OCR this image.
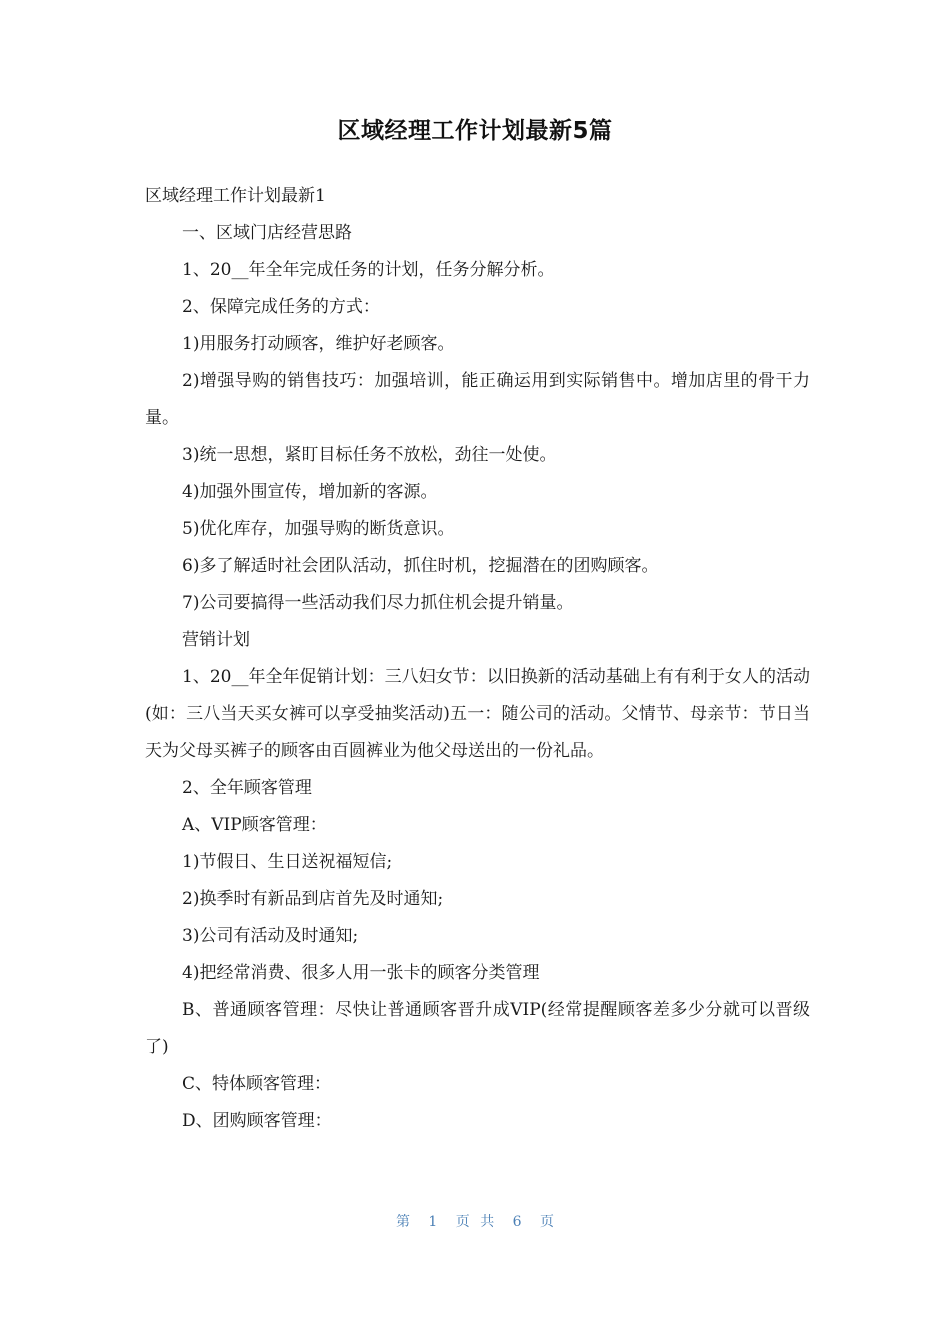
区域经理工作计划最新5篇

区域经理工作计划最新1

一、区域门店经营思路

1、20__年全年完成任务的计划，任务分解分析。

2、保障完成任务的方式：

1)用服务打动顾客，维护好老顾客。

2)增强导购的销售技巧：加强培训，能正确运用到实际销售中。增加店里的骨干力量。

3)统一思想，紧盯目标任务不放松，劲往一处使。

4)加强外围宣传，增加新的客源。

5)优化库存，加强导购的断货意识。

6)多了解适时社会团队活动，抓住时机，挖掘潜在的团购顾客。

7)公司要搞得一些活动我们尽力抓住机会提升销量。

营销计划

1、20__年全年促销计划：三八妇女节：以旧换新的活动基础上有有利于女人的活动(如：三八当天买女裤可以享受抽奖活动)五一：随公司的活动。父情节、母亲节：节日当天为父母买裤子的顾客由百圆裤业为他父母送出的一份礼品。

2、全年顾客管理

A、VIP顾客管理：

1)节假日、生日送祝福短信;

2)换季时有新品到店首先及时通知;

3)公司有活动及时通知;

4)把经常消费、很多人用一张卡的顾客分类管理

B、普通顾客管理：尽快让普通顾客晋升成VIP(经常提醒顾客差多少分就可以晋级了)

C、特体顾客管理：

D、团购顾客管理：

第 1 页 共 6 页
